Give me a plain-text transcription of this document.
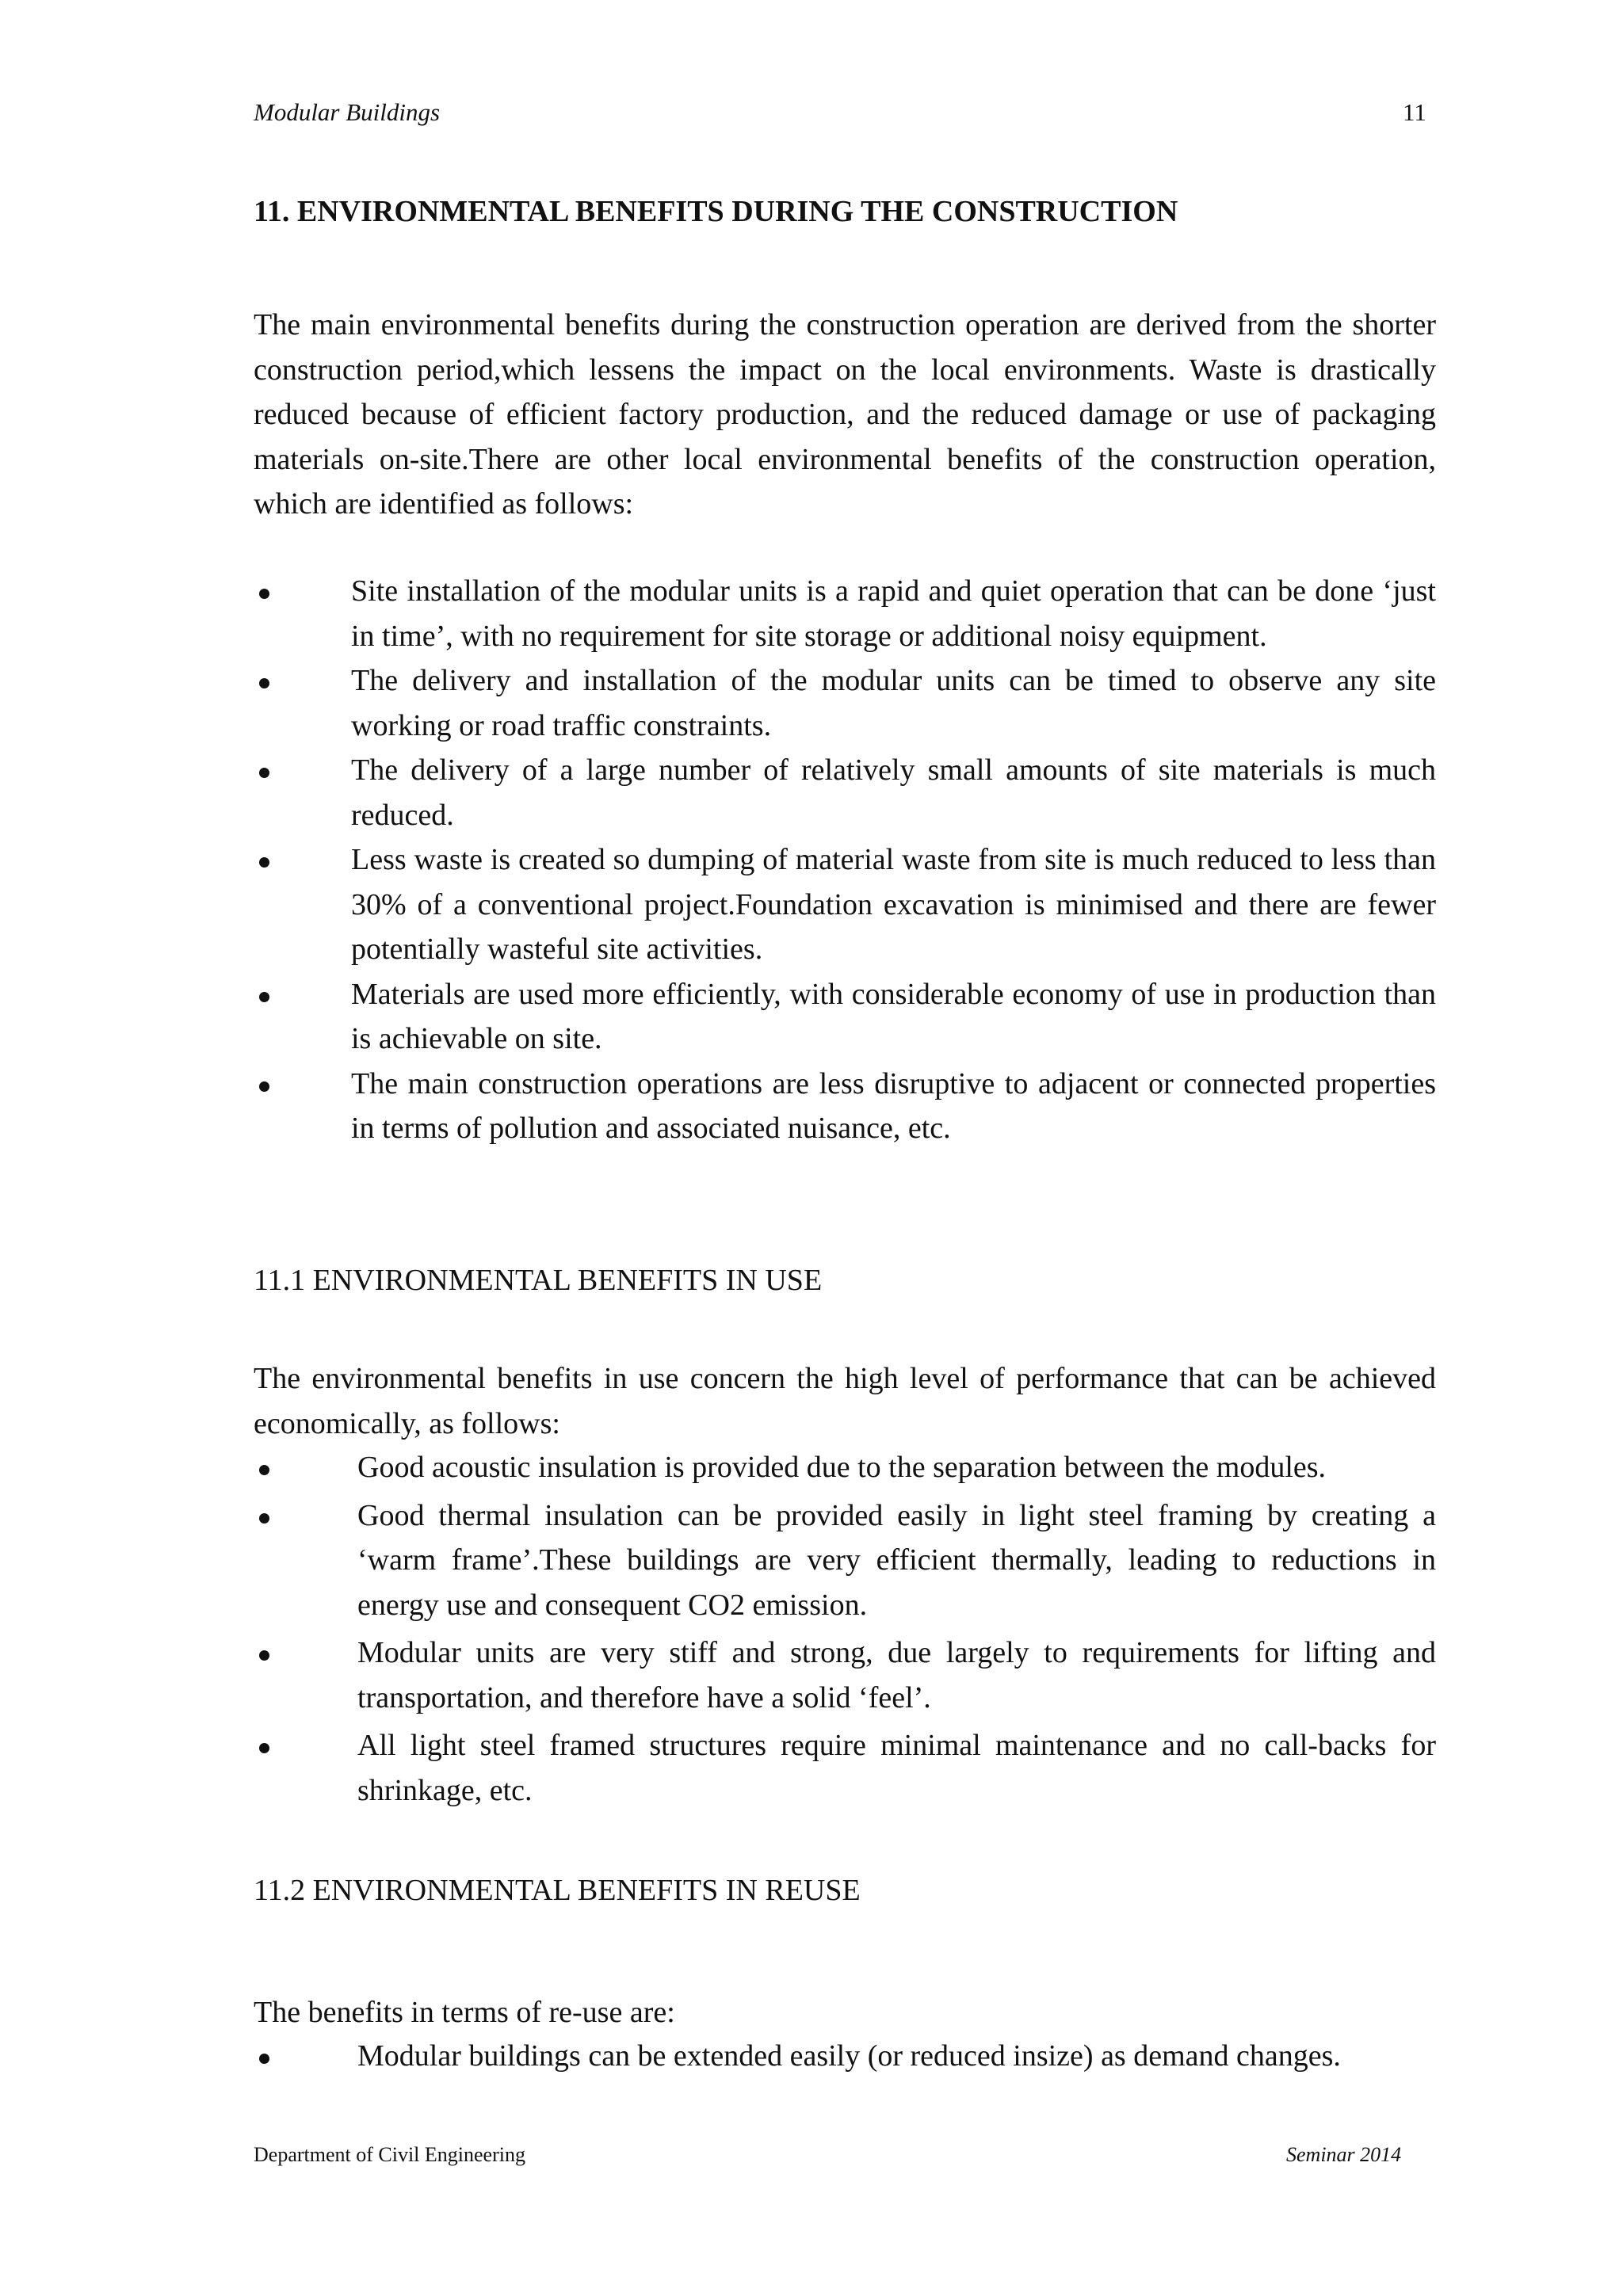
Modular Buildings	11
11. ENVIRONMENTAL BENEFITS DURING THE CONSTRUCTION

The main environmental benefits during the construction operation are derived from the shorter construction period,which lessens the impact on the local environments. Waste is drastically reduced because of efficient factory production, and the reduced damage or use of packaging materials on-site.There are other local environmental benefits of the construction operation, which are identified as follows:

Site installation of the modular units is a rapid and quiet operation that can be done ‘just in time’, with no requirement for site storage or additional noisy equipment.
The delivery and installation of the modular units can be timed to observe any site working or road traffic constraints.
The delivery of a large number of relatively small amounts of site materials is much reduced.
Less waste is created so dumping of material waste from site is much reduced to less than 30% of a conventional project.Foundation excavation is minimised and there are fewer potentially wasteful site activities.
Materials are used more efficiently, with considerable economy of use in production than is achievable on site.
The main construction operations are less disruptive to adjacent or connected properties in terms of pollution and associated nuisance, etc.
11.1 ENVIRONMENTAL BENEFITS IN USE

The environmental benefits in use concern the high level of performance that can be achieved economically, as follows:

Good acoustic insulation is provided due to the separation between the modules.
Good thermal insulation can be provided easily in light steel framing by creating a ‘warm frame’.These buildings are very efficient thermally, leading to reductions in energy use and consequent CO2 emission.
Modular units are very stiff and strong, due largely to requirements for lifting and transportation, and therefore have a solid ‘feel’.
All light steel framed structures require minimal maintenance and no call-backs for shrinkage, etc.
11.2 ENVIRONMENTAL BENEFITS IN REUSE

The benefits in terms of re-use are:

Modular buildings can be extended easily (or reduced insize) as demand changes.
Department of Civil Engineering	Seminar 2014
